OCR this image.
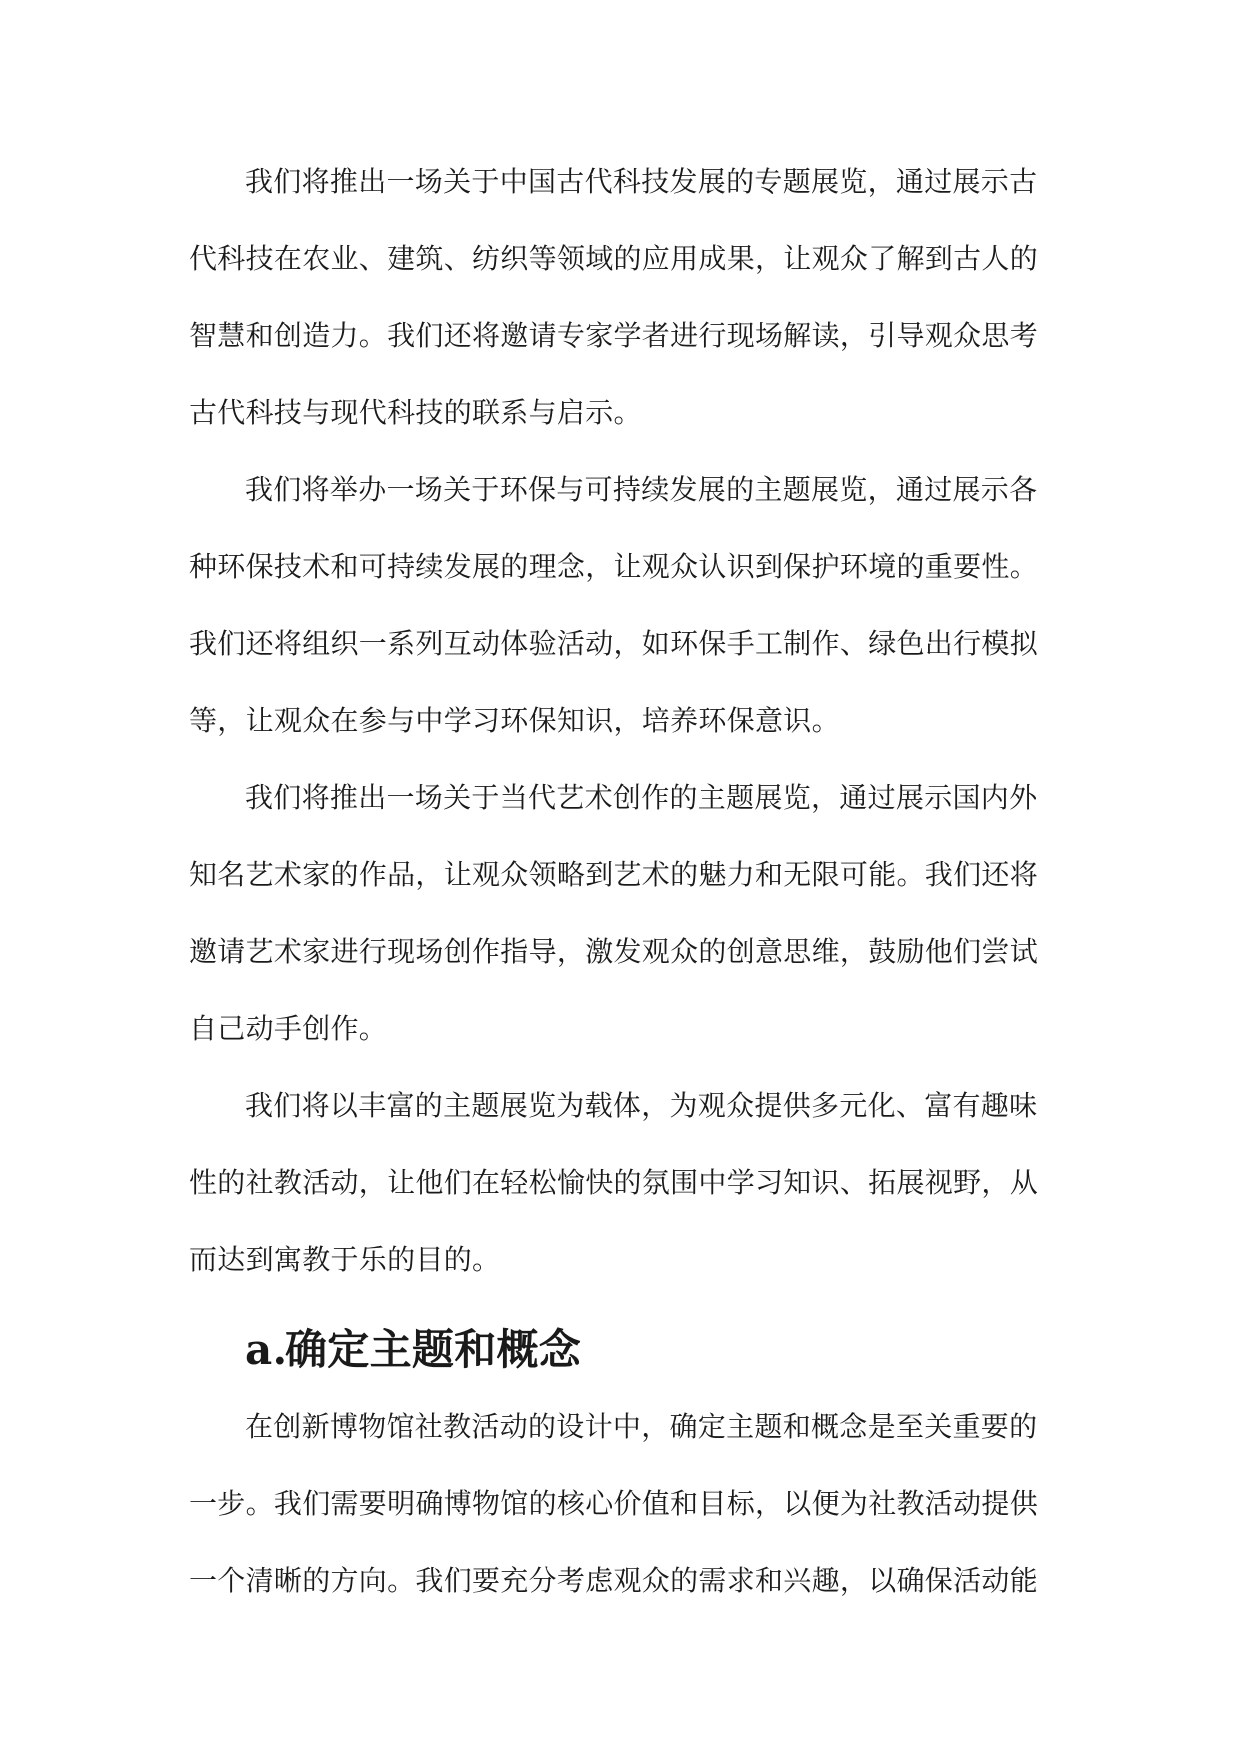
我们将推出一场关于中国古代科技发展的专题展览，通过展示古
代科技在农业、建筑、纺织等领域的应用成果，让观众了解到古人的
智慧和创造力。我们还将邀请专家学者进行现场解读，引导观众思考
古代科技与现代科技的联系与启示。

我们将举办一场关于环保与可持续发展的主题展览，通过展示各
种环保技术和可持续发展的理念，让观众认识到保护环境的重要性。
我们还将组织一系列互动体验活动，如环保手工制作、绿色出行模拟
等，让观众在参与中学习环保知识，培养环保意识。

我们将推出一场关于当代艺术创作的主题展览，通过展示国内外
知名艺术家的作品，让观众领略到艺术的魅力和无限可能。我们还将
邀请艺术家进行现场创作指导，激发观众的创意思维，鼓励他们尝试
自己动手创作。

我们将以丰富的主题展览为载体，为观众提供多元化、富有趣味
性的社教活动，让他们在轻松愉快的氛围中学习知识、拓展视野，从
而达到寓教于乐的目的。

a.确定主题和概念

在创新博物馆社教活动的设计中，确定主题和概念是至关重要的
一步。我们需要明确博物馆的核心价值和目标，以便为社教活动提供
一个清晰的方向。我们要充分考虑观众的需求和兴趣，以确保活动能
